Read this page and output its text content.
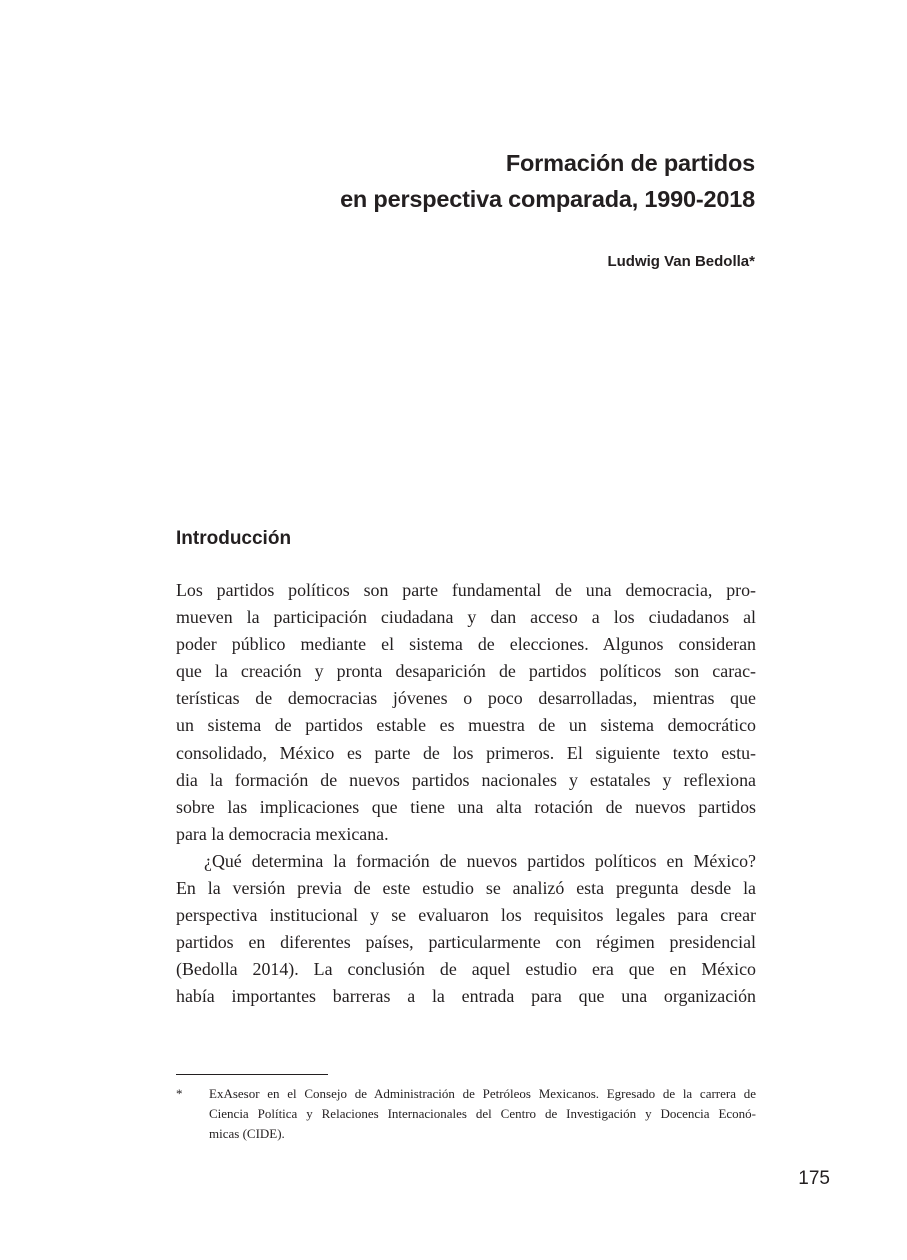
Formación de partidos
en perspectiva comparada, 1990-2018
Ludwig Van Bedolla*
Introducción
Los partidos políticos son parte fundamental de una democracia, pro-
mueven la participación ciudadana y dan acceso a los ciudadanos al
poder público mediante el sistema de elecciones. Algunos consideran
que la creación y pronta desaparición de partidos políticos son carac-
terísticas de democracias jóvenes o poco desarrolladas, mientras que
un sistema de partidos estable es muestra de un sistema democrático
consolidado, México es parte de los primeros. El siguiente texto estu-
dia la formación de nuevos partidos nacionales y estatales y reflexiona
sobre las implicaciones que tiene una alta rotación de nuevos partidos
para la democracia mexicana.
¿Qué determina la formación de nuevos partidos políticos en México?
En la versión previa de este estudio se analizó esta pregunta desde la
perspectiva institucional y se evaluaron los requisitos legales para crear
partidos en diferentes países, particularmente con régimen presidencial
(Bedolla 2014). La conclusión de aquel estudio era que en México
había importantes barreras a la entrada para que una organización
* ExAsesor en el Consejo de Administración de Petróleos Mexicanos. Egresado de la carrera de
Ciencia Política y Relaciones Internacionales del Centro de Investigación y Docencia Econó-
micas (CIDE).
175
